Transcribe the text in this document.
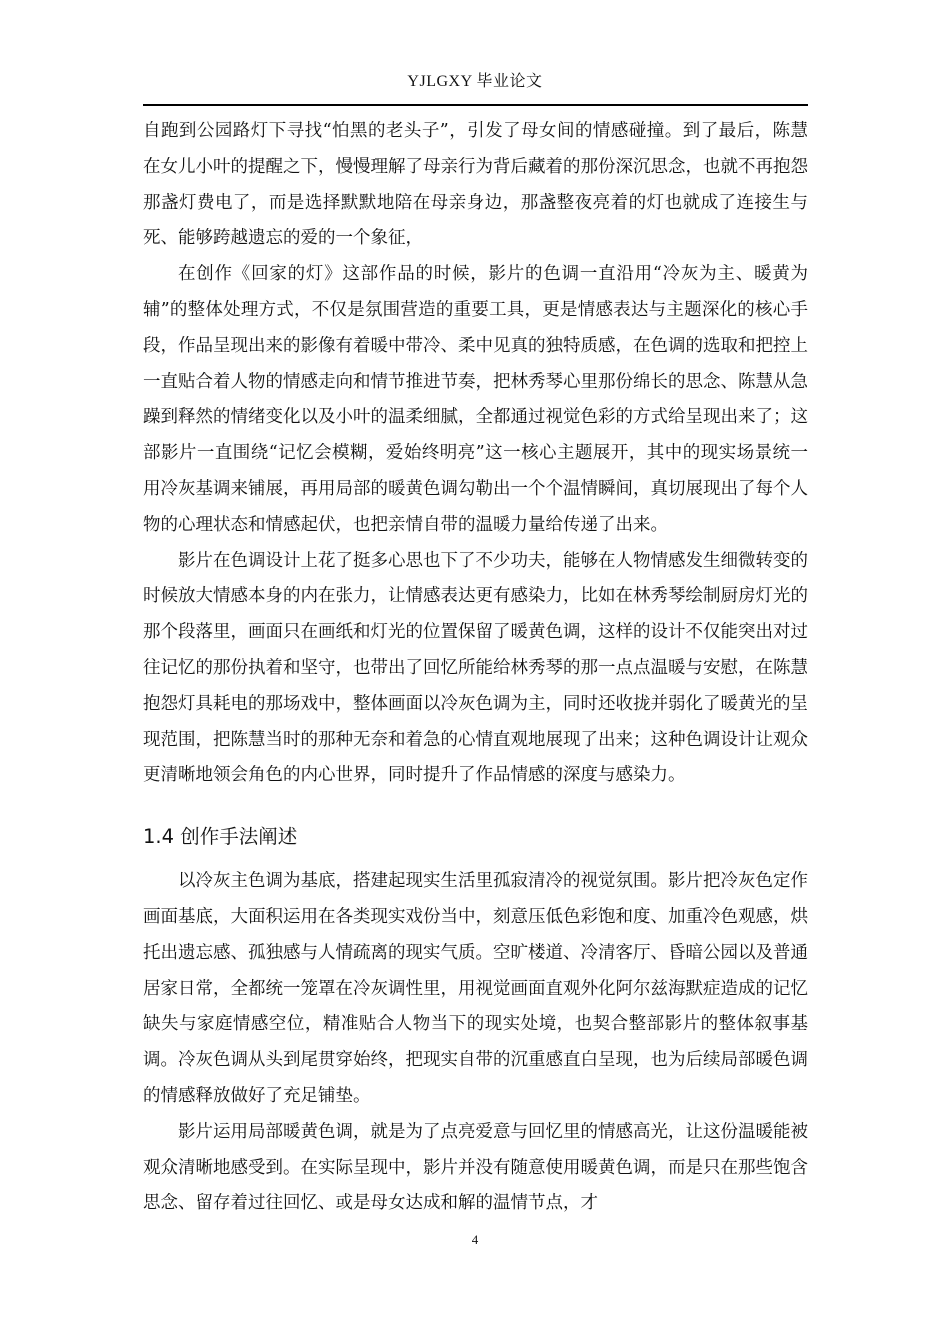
YJLGXY 毕业论文

自跑到公园路灯下寻找“怕黑的老头子”，引发了母女间的情感碰撞。到了最后，陈慧在女儿小叶的提醒之下，慢慢理解了母亲行为背后藏着的那份深沉思念，也就不再抱怨那盏灯费电了，而是选择默默地陪在母亲身边，那盏整夜亮着的灯也就成了连接生与死、能够跨越遗忘的爱的一个象征，

在创作《回家的灯》这部作品的时候，影片的色调一直沿用“冷灰为主、暖黄为辅”的整体处理方式，不仅是氛围营造的重要工具，更是情感表达与主题深化的核心手段，作品呈现出来的影像有着暖中带冷、柔中见真的独特质感，在色调的选取和把控上一直贴合着人物的情感走向和情节推进节奏，把林秀琴心里那份绵长的思念、陈慧从急躁到释然的情绪变化以及小叶的温柔细腻，全都通过视觉色彩的方式给呈现出来了；这部影片一直围绕“记忆会模糊，爱始终明亮”这一核心主题展开，其中的现实场景统一用冷灰基调来铺展，再用局部的暖黄色调勾勒出一个个温情瞬间，真切展现出了每个人物的心理状态和情感起伏，也把亲情自带的温暖力量给传递了出来。

影片在色调设计上花了挺多心思也下了不少功夫，能够在人物情感发生细微转变的时候放大情感本身的内在张力，让情感表达更有感染力，比如在林秀琴绘制厨房灯光的那个段落里，画面只在画纸和灯光的位置保留了暖黄色调，这样的设计不仅能突出对过往记忆的那份执着和坚守，也带出了回忆所能给林秀琴的那一点点温暖与安慰，在陈慧抱怨灯具耗电的那场戏中，整体画面以冷灰色调为主，同时还收拢并弱化了暖黄光的呈现范围，把陈慧当时的那种无奈和着急的心情直观地展现了出来；这种色调设计让观众更清晰地领会角色的内心世界，同时提升了作品情感的深度与感染力。

1.4 创作手法阐述

以冷灰主色调为基底，搭建起现实生活里孤寂清冷的视觉氛围。影片把冷灰色定作画面基底，大面积运用在各类现实戏份当中，刻意压低色彩饱和度、加重冷色观感，烘托出遗忘感、孤独感与人情疏离的现实气质。空旷楼道、冷清客厅、昏暗公园以及普通居家日常，全都统一笼罩在冷灰调性里，用视觉画面直观外化阿尔兹海默症造成的记忆缺失与家庭情感空位，精准贴合人物当下的现实处境，也契合整部影片的整体叙事基调。冷灰色调从头到尾贯穿始终，把现实自带的沉重感直白呈现，也为后续局部暖色调的情感释放做好了充足铺垫。

影片运用局部暖黄色调，就是为了点亮爱意与回忆里的情感高光，让这份温暖能被观众清晰地感受到。在实际呈现中，影片并没有随意使用暖黄色调，而是只在那些饱含思念、留存着过往回忆、或是母女达成和解的温情节点，才

4
